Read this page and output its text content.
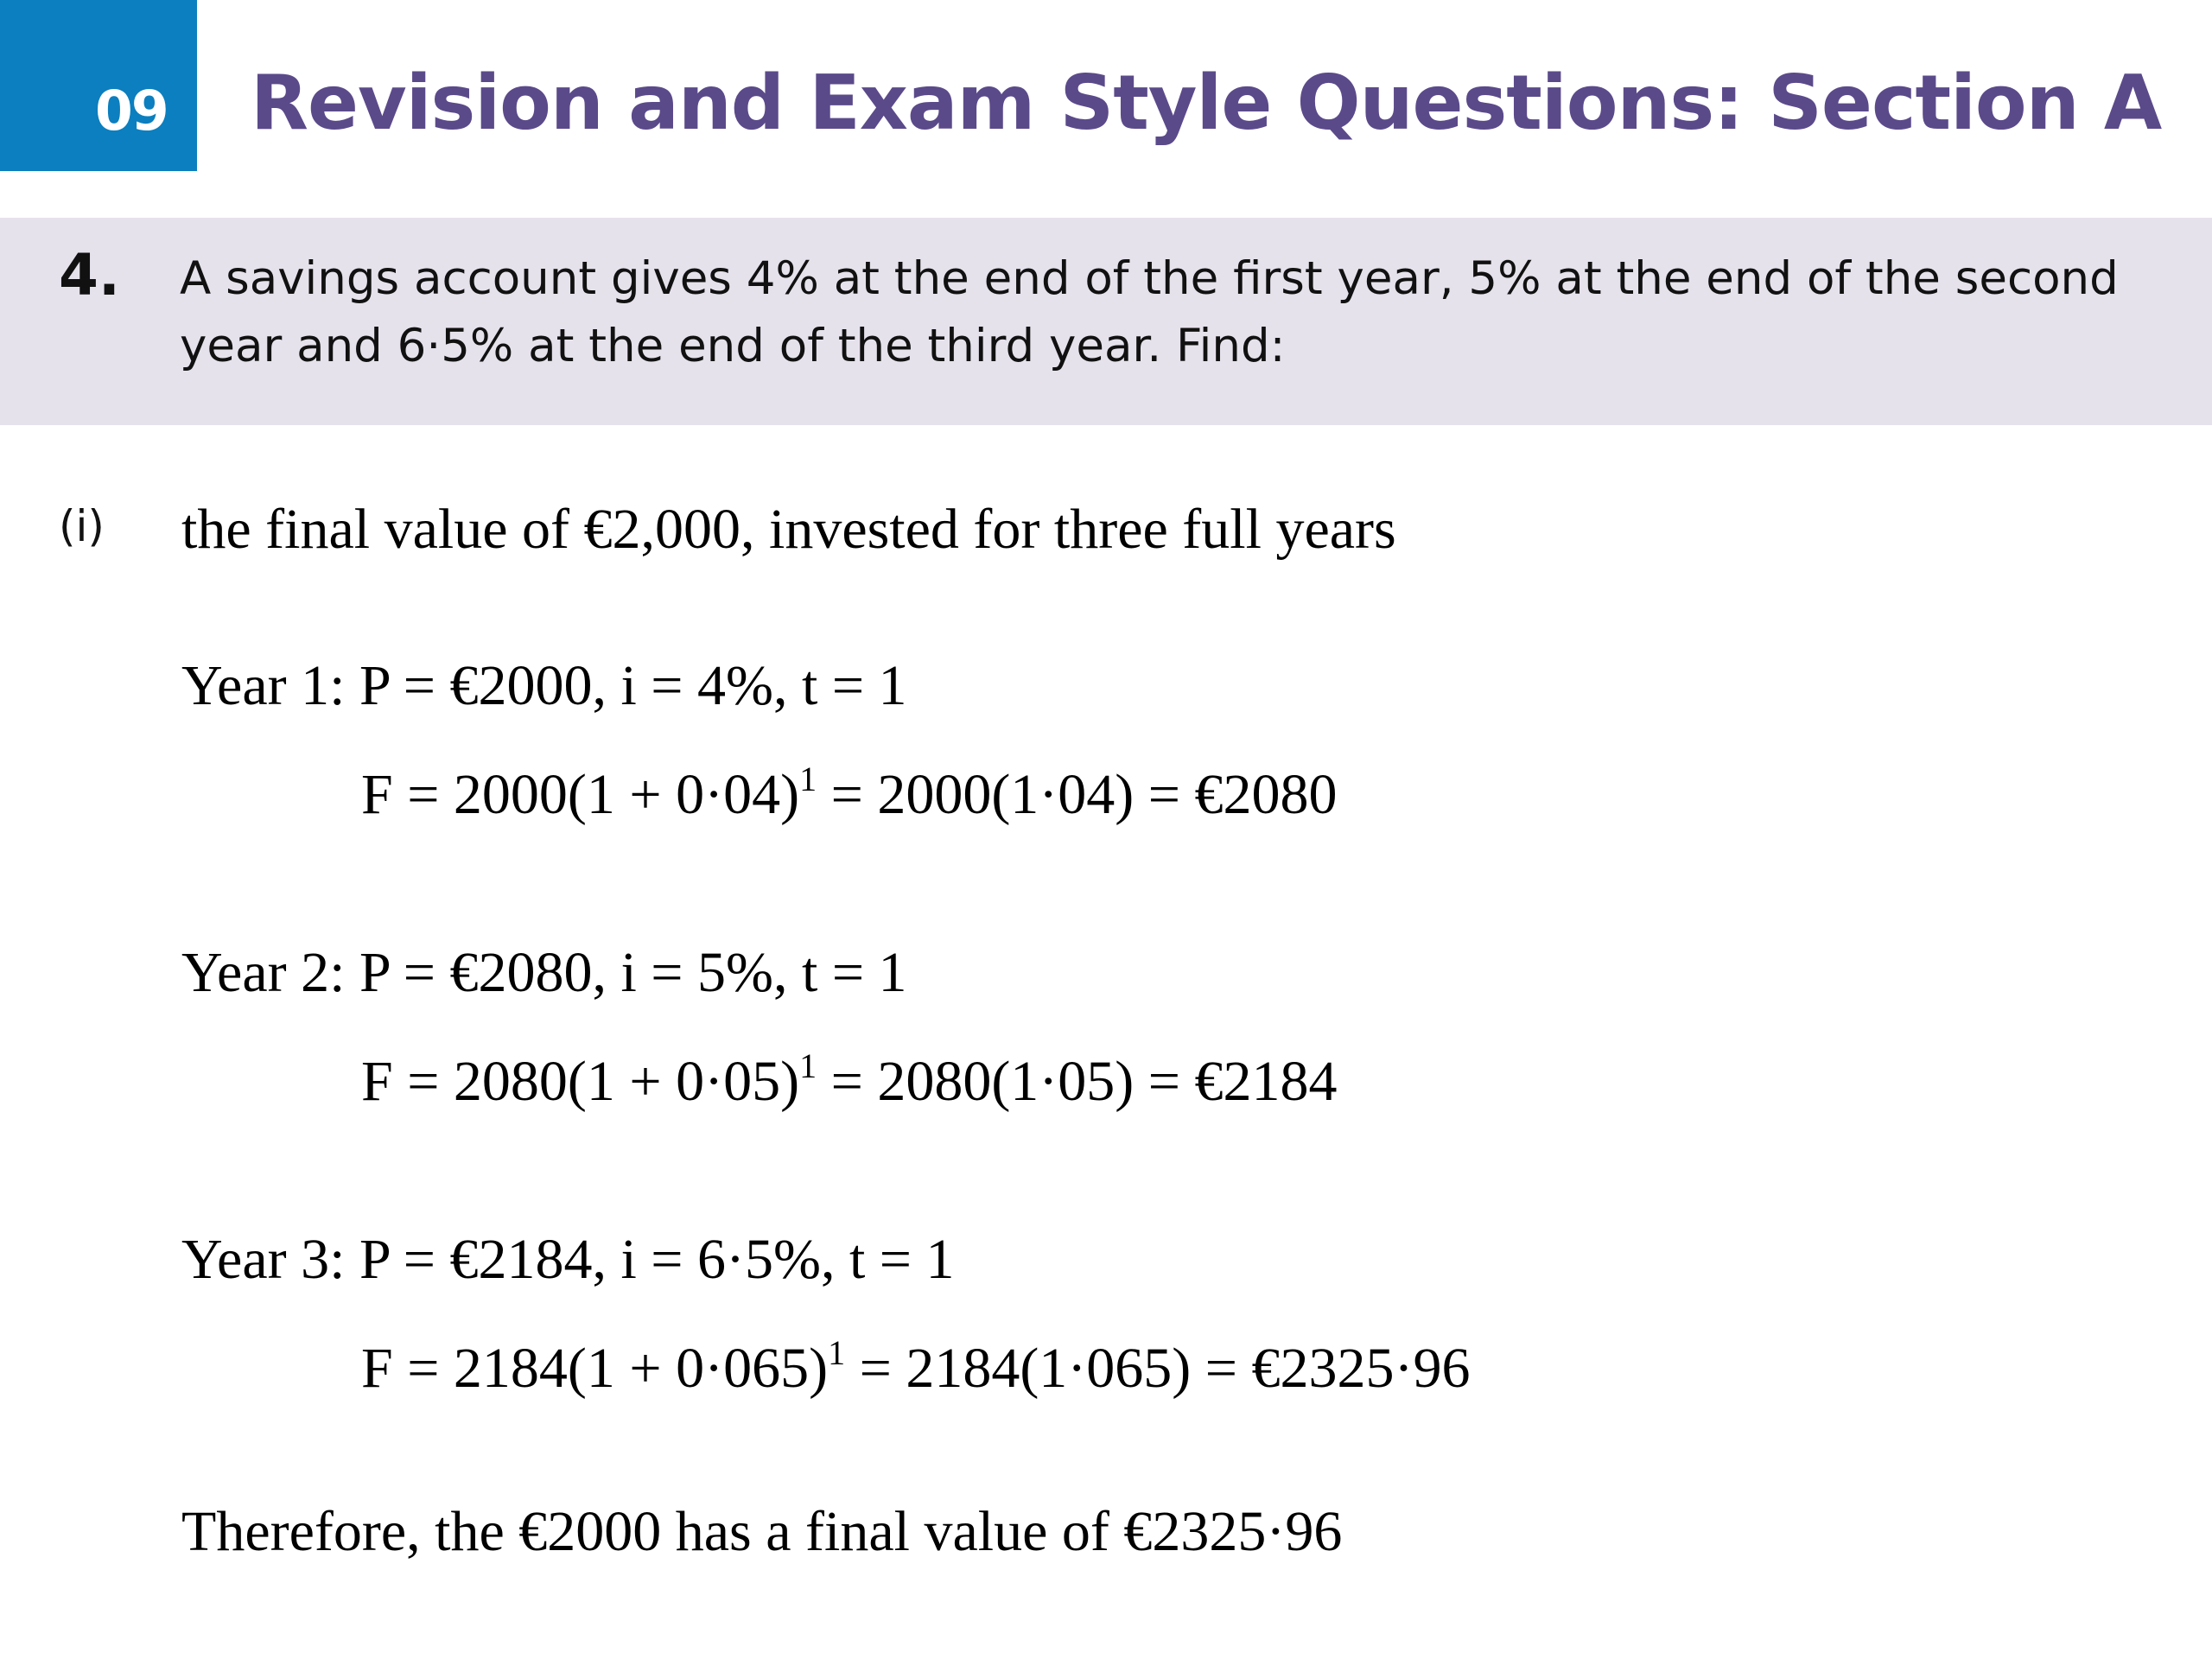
09 Revision and Exam Style Questions: Section A
4. A savings account gives 4% at the end of the first year, 5% at the end of the second year and 6·5% at the end of the third year. Find:
(i) the final value of €2,000, invested for three full years
Year 1: P = €2000, i = 4%, t = 1
$F = 2000(1 + 0\cdot 04)^1 = 2000(1\cdot 04)$ = €2080
Year 2: P = €2080, i = 5%, t = 1
$F = 2080(1 + 0\cdot 05)^1 = 2080(1\cdot 05)$ = €2184
Year 3: P = €2184, i = 6·5%, t = 1
$F = 2184(1 + 0\cdot 065)^1 = 2184(1\cdot 065)$ = €2325·96
Therefore, the €2000 has a final value of €2325·96
